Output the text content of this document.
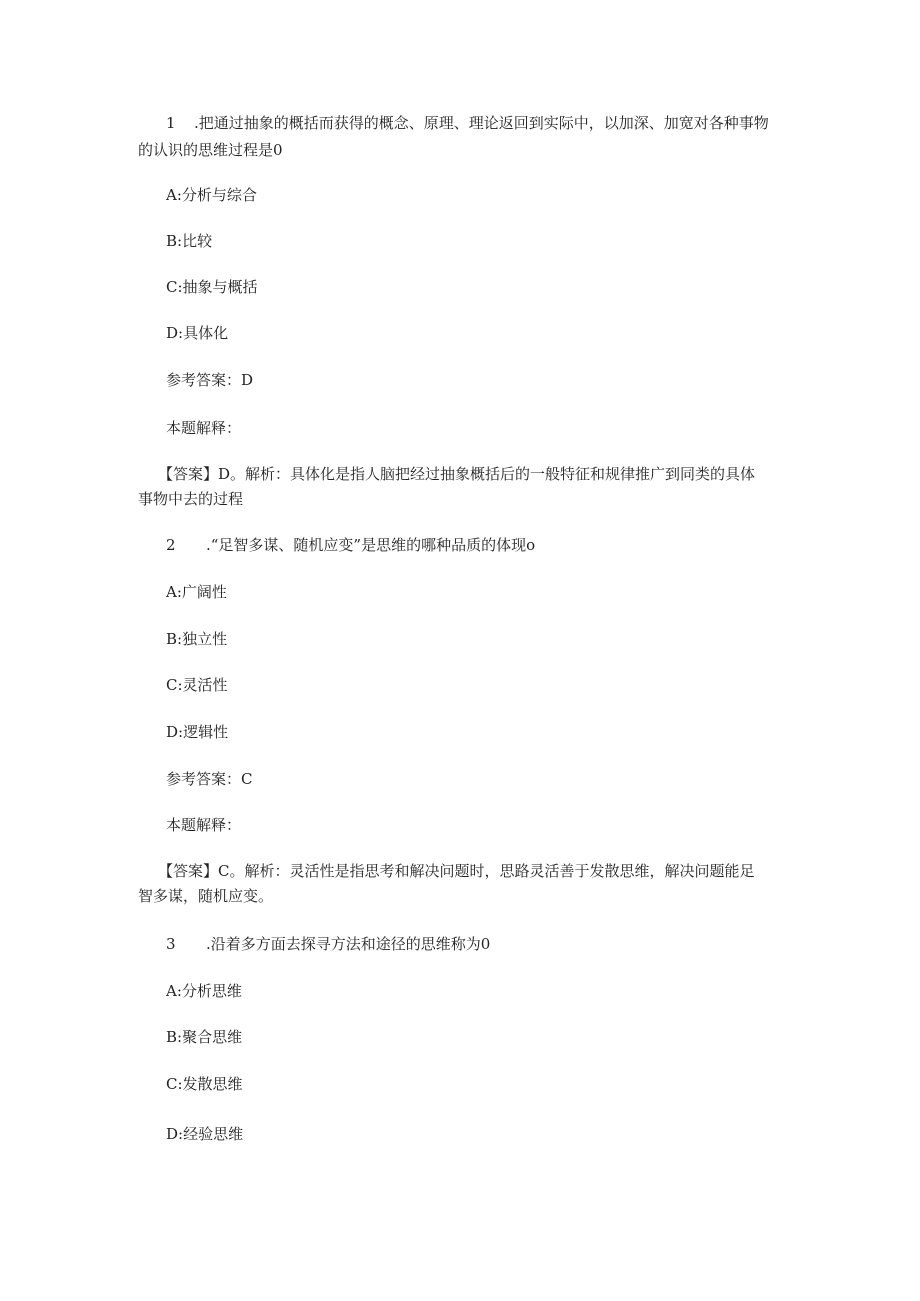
1 .把通过抽象的概括而获得的概念、原理、理论返回到实际中，以加深、加宽对各种事物
的认识的思维过程是0
A:分析与综合
B:比较
C:抽象与概括
D:具体化
参考答案：D
本题解释：
【答案】D。解析：具体化是指人脑把经过抽象概括后的一般特征和规律推广到同类的具体
事物中去的过程
2 .“足智多谋、随机应变”是思维的哪种品质的体现o
A:广阔性
B:独立性
C:灵活性
D:逻辑性
参考答案：C
本题解释：
【答案】C。解析：灵活性是指思考和解决问题时，思路灵活善于发散思维，解决问题能足
智多谋，随机应变。
3 .沿着多方面去探寻方法和途径的思维称为0
A:分析思维
B:聚合思维
C:发散思维
D:经验思维
